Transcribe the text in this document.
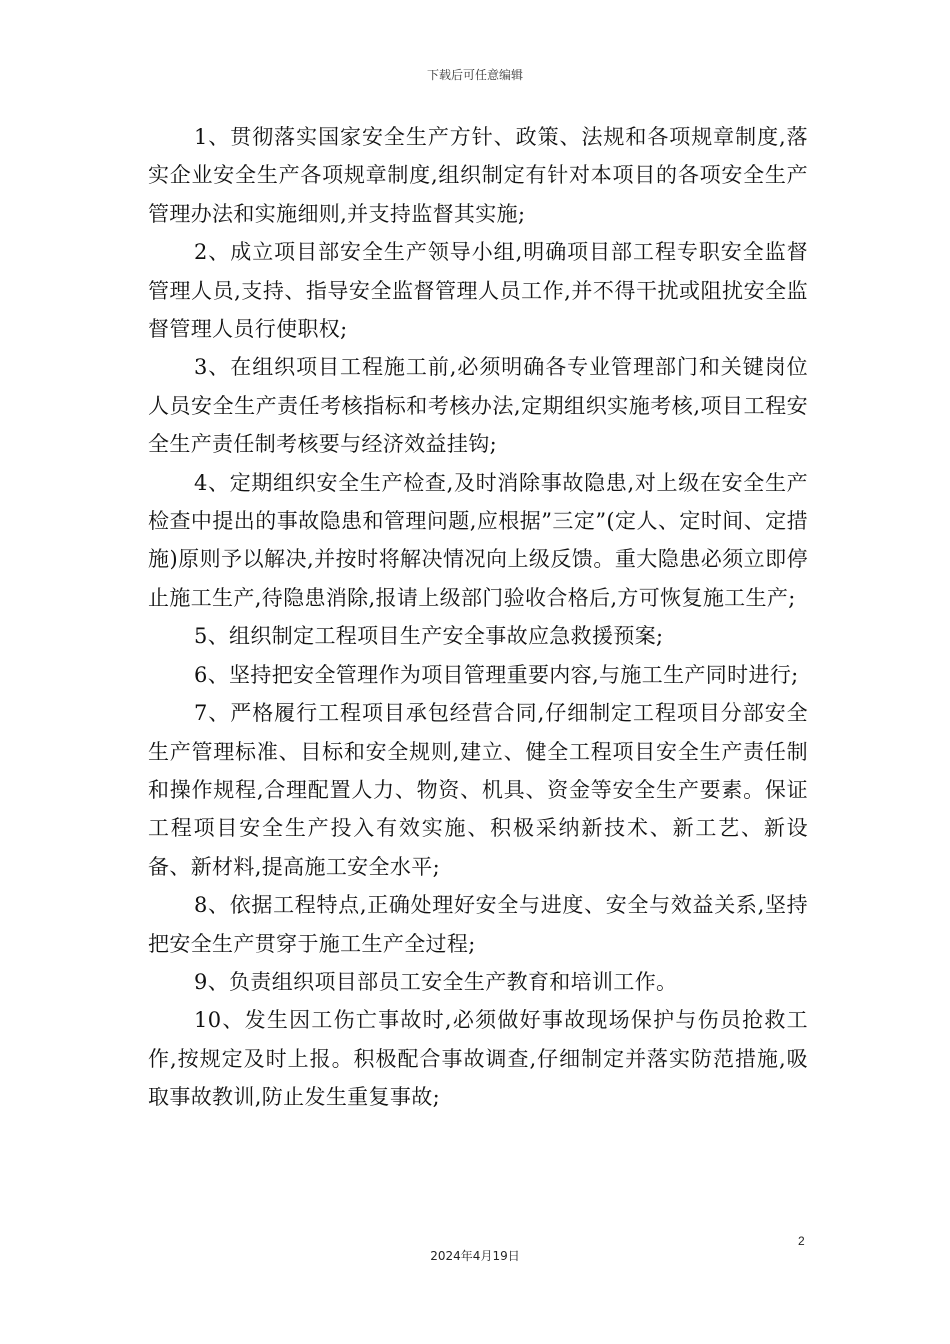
下载后可任意编辑

1、贯彻落实国家安全生产方针、政策、法规和各项规章制度,落实企业安全生产各项规章制度,组织制定有针对本项目的各项安全生产管理办法和实施细则,并支持监督其实施;

2、成立项目部安全生产领导小组,明确项目部工程专职安全监督管理人员,支持、指导安全监督管理人员工作,并不得干扰或阻扰安全监督管理人员行使职权;

3、在组织项目工程施工前,必须明确各专业管理部门和关键岗位人员安全生产责任考核指标和考核办法,定期组织实施考核,项目工程安全生产责任制考核要与经济效益挂钩;

4、定期组织安全生产检查,及时消除事故隐患,对上级在安全生产检查中提出的事故隐患和管理问题,应根据”三定”(定人、定时间、定措施)原则予以解决,并按时将解决情况向上级反馈。重大隐患必须立即停止施工生产,待隐患消除,报请上级部门验收合格后,方可恢复施工生产;

5、组织制定工程项目生产安全事故应急救援预案;

6、坚持把安全管理作为项目管理重要内容,与施工生产同时进行;

7、严格履行工程项目承包经营合同,仔细制定工程项目分部安全生产管理标准、目标和安全规则,建立、健全工程项目安全生产责任制和操作规程,合理配置人力、物资、机具、资金等安全生产要素。保证工程项目安全生产投入有效实施、积极采纳新技术、新工艺、新设备、新材料,提高施工安全水平;

8、依据工程特点,正确处理好安全与进度、安全与效益关系,坚持把安全生产贯穿于施工生产全过程;

9、负责组织项目部员工安全生产教育和培训工作。

10、发生因工伤亡事故时,必须做好事故现场保护与伤员抢救工作,按规定及时上报。积极配合事故调查,仔细制定并落实防范措施,吸取事故教训,防止发生重复事故;

2
2024年4月19日
